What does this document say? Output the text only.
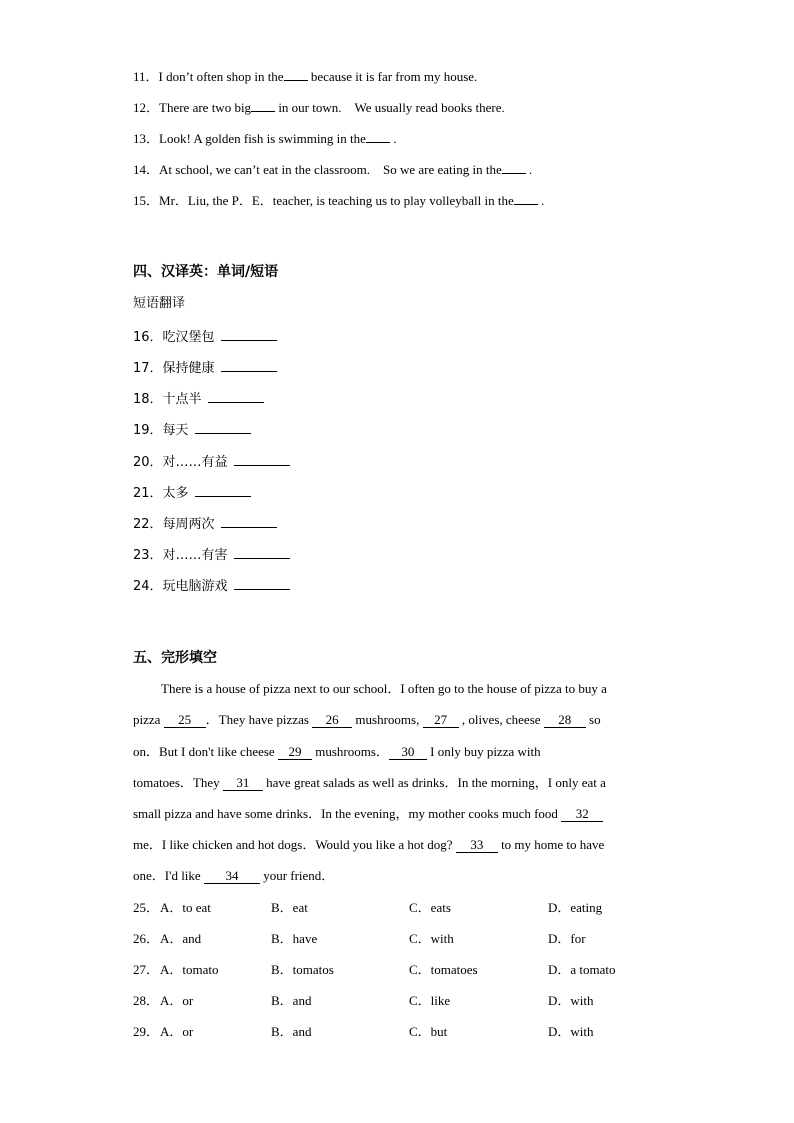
11．I don’t often shop in the because it is far from my house.
12．There are two big in our town.　We usually read books there.
13．Look! A golden fish is swimming in the .
14．At school, we can’t eat in the classroom.　So we are eating in the .
15．Mr．Liu, the P．E．teacher, is teaching us to play volleyball in the .
四、汉译英：单词/短语
短语翻译
16．吃汉堡包
17．保持健康
18．十点半
19．每天
20．对……有益
21．太多
22．每周两次
23．对……有害
24．玩电脑游戏
五、完形填空
There is a house of pizza next to our school．I often go to the house of pizza to buy a
pizza 25 ．They have pizzas 26 mushrooms, 27 , olives, cheese 28 so
on．But I don't like cheese 29 mushrooms． 30 I only buy pizza with
tomatoes．They 31 have great salads as well as drinks．In the morning，I only eat a
small pizza and have some drinks．In the evening，my mother cooks much food 32
me．I like chicken and hot dogs．Would you like a hot dog? 33 to my home to have
one．I'd like 34 your friend．
25． A．to eat	B．eat	C．eats	D．eating
26． A．and	B．have	C．with	D．for
27． A．tomato	B．tomatos	C．tomatoes	D．a tomato
28． A．or	B．and	C．like	D．with
29． A．or	B．and	C．but	D．with
